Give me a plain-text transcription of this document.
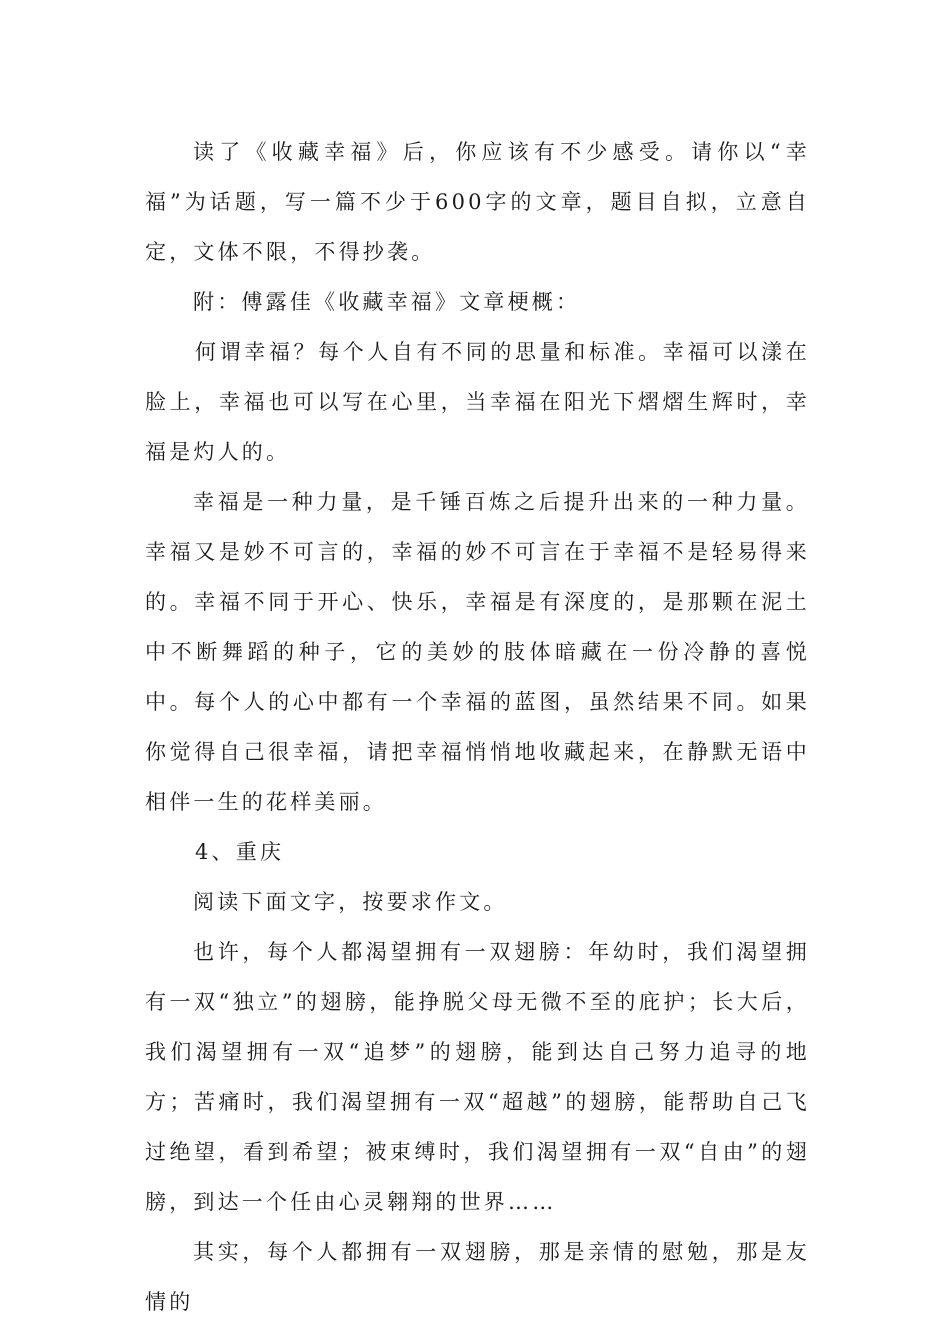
读了《收藏幸福》后，你应该有不少感受。请你以“幸福”为话题，写一篇不少于600字的文章，题目自拟，立意自定，文体不限，不得抄袭。

附：傅露佳《收藏幸福》文章梗概：

何谓幸福？每个人自有不同的思量和标准。幸福可以漾在脸上，幸福也可以写在心里，当幸福在阳光下熠熠生辉时，幸福是灼人的。

幸福是一种力量，是千锤百炼之后提升出来的一种力量。幸福又是妙不可言的，幸福的妙不可言在于幸福不是轻易得来的。幸福不同于开心、快乐，幸福是有深度的，是那颗在泥土中不断舞蹈的种子，它的美妙的肢体暗藏在一份冷静的喜悦中。每个人的心中都有一个幸福的蓝图，虽然结果不同。如果你觉得自己很幸福，请把幸福悄悄地收藏起来，在静默无语中相伴一生的花样美丽。

4、重庆

阅读下面文字，按要求作文。

也许，每个人都渴望拥有一双翅膀：年幼时，我们渴望拥有一双“独立”的翅膀，能挣脱父母无微不至的庇护；长大后，我们渴望拥有一双“追梦”的翅膀，能到达自己努力追寻的地方；苦痛时，我们渴望拥有一双“超越”的翅膀，能帮助自己飞过绝望，看到希望；被束缚时，我们渴望拥有一双“自由”的翅膀，到达一个任由心灵翱翔的世界……

其实，每个人都拥有一双翅膀，那是亲情的慰勉，那是友情的
